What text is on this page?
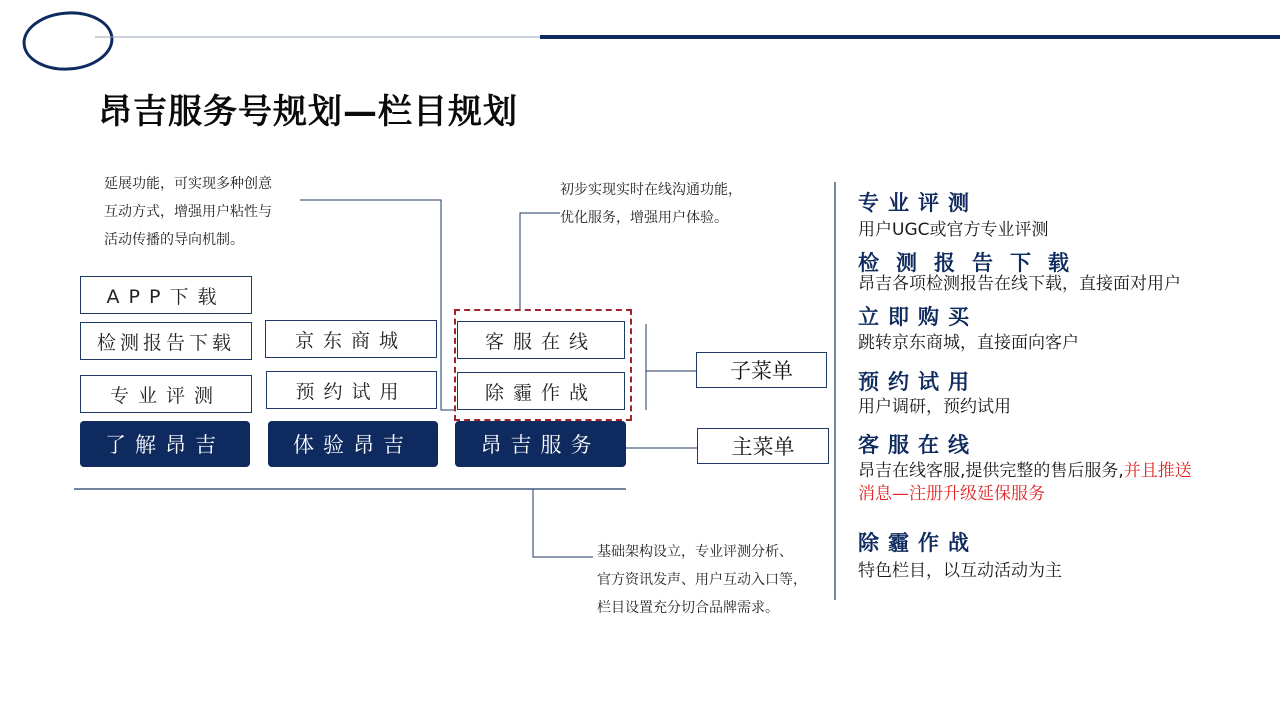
昂吉服务号规划—栏目规划
延展功能，可实现多种创意
互动方式，增强用户粘性与
活动传播的导向机制。
初步实现实时在线沟通功能，
优化服务，增强用户体验。
基础架构设立，专业评测分析、
官方资讯发声、用户互动入口等，
栏目设置充分切合品牌需求。
APP下载
检测报告下载
专业评测
了解昂吉
京东商城
预约试用
体验昂吉
客服在线
除霾作战
昂吉服务
子菜单
主菜单
专业评测
用户UGC或官方专业评测
检测报告下载
昂吉各项检测报告在线下载，直接面对用户
立即购买
跳转京东商城，直接面向客户
预约试用
用户调研，预约试用
客服在线
昂吉在线客服,提供完整的售后服务,并且推送
消息—注册升级延保服务
除霾作战
特色栏目，以互动活动为主
